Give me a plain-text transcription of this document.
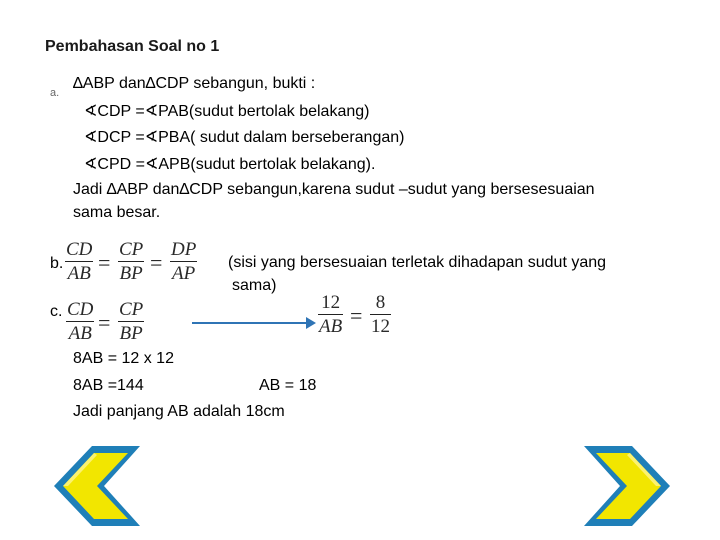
Pembahasan Soal no 1
a.
∆ABP dan∆CDP sebangun, bukti :
∢CDP =∢PAB(sudut bertolak belakang)
∢DCP =∢PBA( sudut dalam berseberangan)
∢CPD =∢APB(sudut bertolak belakang).
Jadi ∆ABP dan∆CDP sebangun,karena sudut –sudut yang bersesesuaian
sama besar.
b.
CD
AB =
CP
BP =
DP
AP
(sisi yang bersesuaian terletak dihadapan sudut yang
sama)
c. CD
AB =
CP
BP
12
AB =
8
12
8AB = 12 x 12
8AB =144	AB = 18
Jadi panjang AB adalah 18cm
